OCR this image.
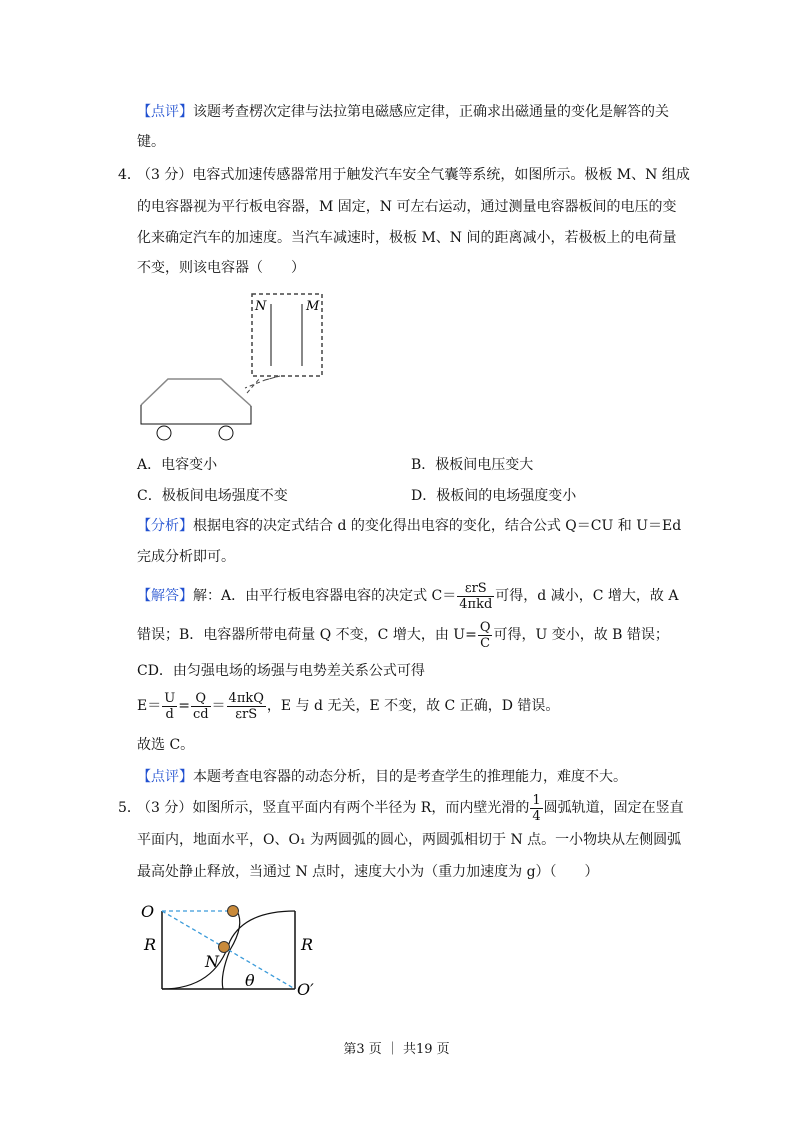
【点评】该题考查楞次定律与法拉第电磁感应定律，正确求出磁通量的变化是解答的关
键。
4．
（3 分）电容式加速传感器常用于触发汽车安全气囊等系统，如图所示。极板 M、N 组成
的电容器视为平行板电容器，M 固定，N 可左右运动，通过测量电容器板间的电压的变
化来确定汽车的加速度。当汽车减速时，极板 M、N 间的距离减小，若极板上的电荷量
不变，则该电容器（　　）
N	M
A．电容变小	B．极板间电压变大
C．极板间电场强度不变	D．极板间的电场强度变小
【分析】根据电容的决定式结合 d 的变化得出电容的变化，结合公式 Q＝CU 和 U＝Ed
完成分析即可。
【解答】解：A．由平行板电容器电容的决定式 $C= \frac{\text{εrS}}{\text{4πkd}}$ 可得，d 减小，C 增大，故 A
错误；B．电容器所带电荷量 Q 不变，C 增大，由 $U= \frac{Q}{C}$ 可得，U 变小，故 B 错误；
CD．由匀强电场的场强与电势差关系公式可得
$E= \frac{U}{d} = \frac{Q}{cd} = \frac{\text{4πkQ}}{\text{εrS}}$ ，E 与 d 无关，E 不变，故 C 正确，D 错误。
故选 C。
【点评】本题考查电容器的动态分析，目的是考查学生的推理能力，难度不大。
5．
（3 分）如图所示，竖直平面内有两个半径为 R，而内壁光滑的 $\frac{1}{4}$ 圆弧轨道，固定在竖直
平面内，地面水平，O、O₁ 为两圆弧的圆心，两圆弧相切于 N 点。一小物块从左侧圆弧
最高处静止释放，当通过 N 点时，速度大小为（重力加速度为 g）（　　）
O
R	R
N
θ	O′
第3 页 ｜ 共19 页
